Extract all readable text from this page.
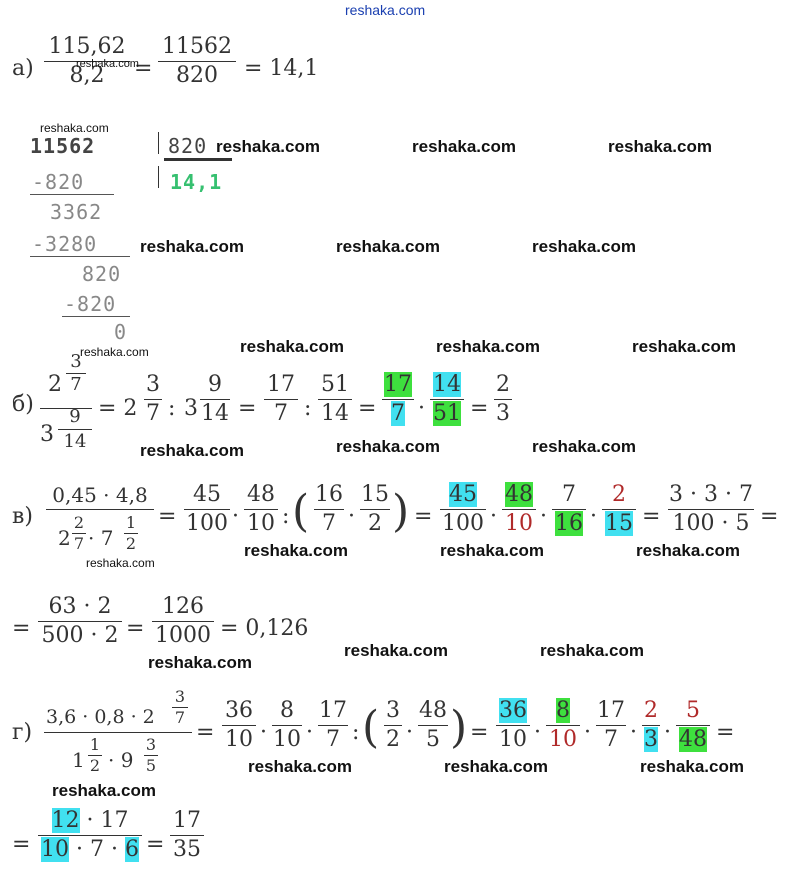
reshaka.com
а)
115,62
8,2	=
11562
820	= 14,1
11562	820
14,1
-820
3362
-3280
820
-820
0
б)
2
3
7
3
9
14
= 2
3
7 : 3
9
14 =
17
7 :
51
14 =
17
7 ·
14
51 =
2
3
в)
0,45 · 4,8

2
2
7 · 7
1
2
=
45
100 ·
48
10 : ( 16
7 ·
15
2 ) =
45
100 ·
48
10 ·
7
16 ·
2
15 =
3 · 3 · 7
100 · 5 =
=
63 · 2
500 · 2 =
126
1000 = 0,126
г)
3,6 · 0,8 · 2
3
7
1
1
2 · 9
3
5
=
36
10 ·
8
10 ·
17
7 : ( 3
2 ·
48
5 ) =
36
10 ·
8
10 ·
17
7 ·
2
3 ·
5
48 =
=
12 · 17
10 · 7 · 6 =
17
35
reshaka.com
reshaka.com
reshaka.com	reshaka.com	reshaka.com
reshaka.com	reshaka.com	reshaka.com
reshaka.com	reshaka.com	reshaka.com	reshaka.com
reshaka.com	reshaka.com	reshaka.com
reshaka.com
reshaka.com	reshaka.com	reshaka.com
reshaka.com
reshaka.com	reshaka.com
reshaka.com	reshaka.com	reshaka.com
reshaka.com
